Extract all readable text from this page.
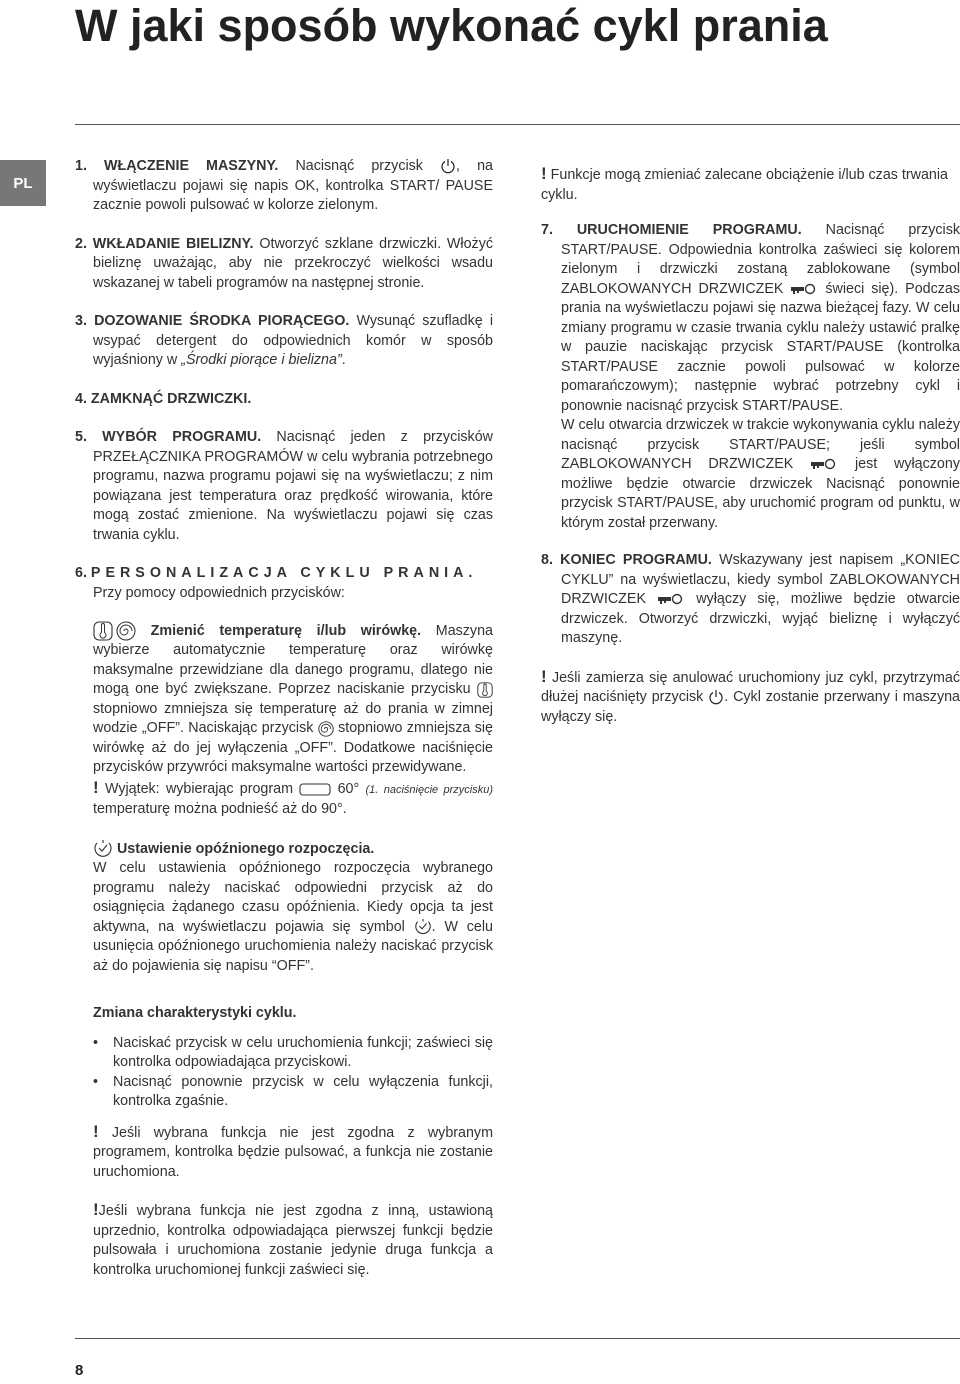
W jaki sposób wykonać cykl prania
PL

1. WŁĄCZENIE MASZYNY. Nacisnąć przycisk
, na wyświetlaczu pojawi się napis OK, kontrolka START/ PAUSE zacznie powoli pulsować w kolorze zielonym.

2. WKŁADANIE BIELIZNY. Otworzyć szklane drzwiczki. Włożyć bieliznę uważając, aby nie przekroczyć wielkości wsadu wskazanej w tabeli programów na następnej stronie.

3. DOZOWANIE ŚRODKA PIORĄCEGO. Wysunąć szufladkę i wsypać detergent do odpowiednich komór w sposób wyjaśniony w „Środki piorące i bielizna”.

4. ZAMKNĄĆ DRZWICZKI.

5. WYBÓR PROGRAMU. Nacisnąć jeden z przycisków PRZEŁĄCZNIKA PROGRAMÓW w celu wybrania potrzebnego programu, nazwa programu pojawi się na wyświetlaczu; z nim powiązana jest temperatura oraz prędkość wirowania, które mogą zostać zmienione. Na wyświetlaczu pojawi się czas trwania cyklu.

6. PERSONALIZACJA CYKLU PRANIA.
Przy pomocy odpowiednich przycisków:

Zmienić temperaturę i/lub wirówkę. Maszyna wybierze automatycznie temperaturę oraz wirówkę maksymalne przewidziane dla danego programu, dlatego nie mogą one być zwiększane. Poprzez naciskanie przycisku
stopniowo zmniejsza się temperaturę aż do prania w zimnej wodzie „OFF”. Naciskając przycisk
stopniowo zmniejsza się wirówkę aż do jej wyłączenia „OFF”. Dodatkowe naciśnięcie przycisków przywróci maksymalne wartości przewidywane.
! Wyjątek: wybierając program
60° (1. naciśnięcie przycisku) temperaturę można podnieść aż do 90°.

Ustawienie opóźnionego rozpoczęcia.
W celu ustawienia opóźnionego rozpoczęcia wybranego programu należy naciskać odpowiedni przycisk aż do osiągnięcia żądanego czasu opóźnienia. Kiedy opcja ta jest aktywna, na wyświetlaczu pojawia się symbol
. W celu usunięcia opóźnionego uruchomienia należy naciskać przycisk aż do pojawienia się napisu “OFF”.

Zmiana charakterystyki cyklu.

• Naciskać przycisk w celu uruchomienia funkcji; zaświeci się kontrolka odpowiadająca przyciskowi.
• Nacisnąć ponownie przycisk w celu wyłączenia funkcji, kontrolka zgaśnie.

! Jeśli wybrana funkcja nie jest zgodna z wybranym programem, kontrolka będzie pulsować, a funkcja nie zostanie uruchomiona.

!Jeśli wybrana funkcja nie jest zgodna z inną, ustawioną uprzednio, kontrolka odpowiadająca pierwszej funkcji będzie pulsowała i uruchomiona zostanie jedynie druga funkcja a kontrolka uruchomionej funkcji zaświeci się.

! Funkcje mogą zmieniać zalecane obciążenie i/lub czas trwania cyklu.

7. URUCHOMIENIE PROGRAMU. Nacisnąć przycisk START/PAUSE. Odpowiednia kontrolka zaświeci się kolorem zielonym i drzwiczki zostaną zablokowane (symbol ZABLOKOWANYCH DRZWICZEK
świeci się). Podczas prania na wyświetlaczu pojawi się nazwa bieżącej fazy. W celu zmiany programu w czasie trwania cyklu należy ustawić pralkę w pauzie naciskając przycisk START/PAUSE (kontrolka START/PAUSE zacznie powoli pulsować w kolorze pomarańczowym); następnie wybrać potrzebny cykl i ponownie nacisnąć przycisk START/PAUSE.
W celu otwarcia drzwiczek w trakcie wykonywania cyklu należy nacisnąć przycisk START/PAUSE; jeśli symbol ZABLOKOWANYCH DRZWICZEK
jest wyłączony możliwe będzie otwarcie drzwiczek Nacisnąć ponownie przycisk START/PAUSE, aby uruchomić program od punktu, w którym został przerwany.

8. KONIEC PROGRAMU. Wskazywany jest napisem „KONIEC CYKLU” na wyświetlaczu, kiedy symbol ZABLOKOWANYCH DRZWICZEK
wyłączy się, możliwe będzie otwarcie drzwiczek. Otworzyć drzwiczki, wyjąć bieliznę i wyłączyć maszynę.

! Jeśli zamierza się anulować uruchomiony juz cykl, przytrzymać dłużej naciśnięty przycisk
. Cykl zostanie przerwany i maszyna wyłączy się.

8
